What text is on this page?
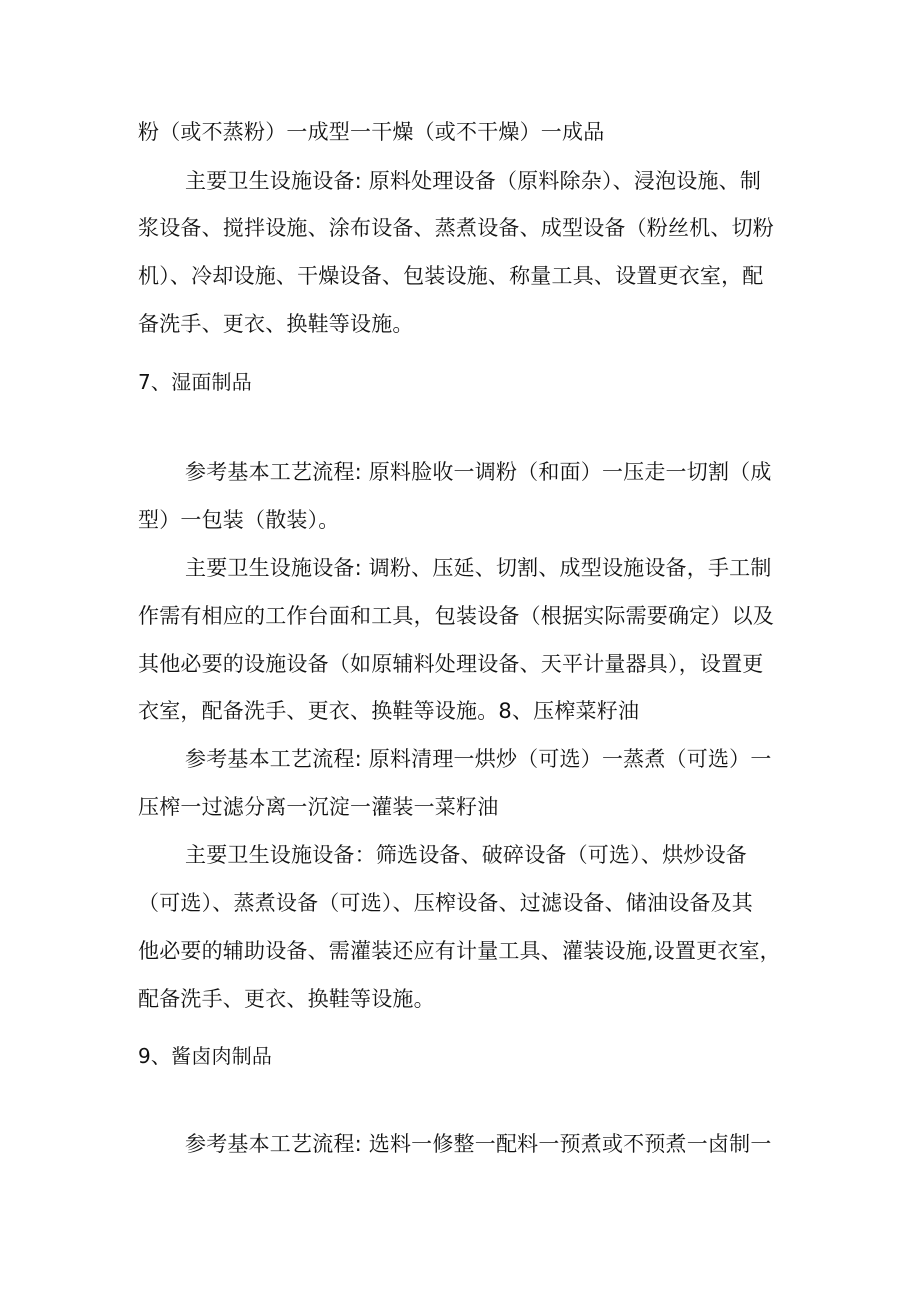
粉（或不蒸粉）一成型一干燥（或不干燥）一成品
主要卫生设施设备: 原料处理设备（原料除杂）、浸泡设施、制
浆设备、搅拌设施、涂布设备、蒸煮设备、成型设备（粉丝机、切粉
机）、冷却设施、干燥设备、包装设施、称量工具、设置更衣室，配
备洗手、更衣、换鞋等设施。
7、湿面制品
参考基本工艺流程: 原料脸收一调粉（和面）一压走一切割（成
型）一包装（散装）。
主要卫生设施设备: 调粉、压延、切割、成型设施设备，手工制
作需有相应的工作台面和工具，包装设备（根据实际需要确定）以及
其他必要的设施设备（如原辅料处理设备、天平计量器具），设置更
衣室，配备洗手、更衣、换鞋等设施。8、压榨菜籽油
参考基本工艺流程: 原料清理一烘炒（可选）一蒸煮（可选）一
压榨一过滤分离一沉淀一灌装一菜籽油
主要卫生设施设备：筛选设备、破碎设备（可选）、烘炒设备
（可选）、蒸煮设备（可选）、压榨设备、过滤设备、储油设备及其
他必要的辅助设备、需灌装还应有计量工具、灌装设施,设置更衣室，
配备洗手、更衣、换鞋等设施。
9、酱卤肉制品
参考基本工艺流程: 选料一修整一配料一预煮或不预煮一卤制一
